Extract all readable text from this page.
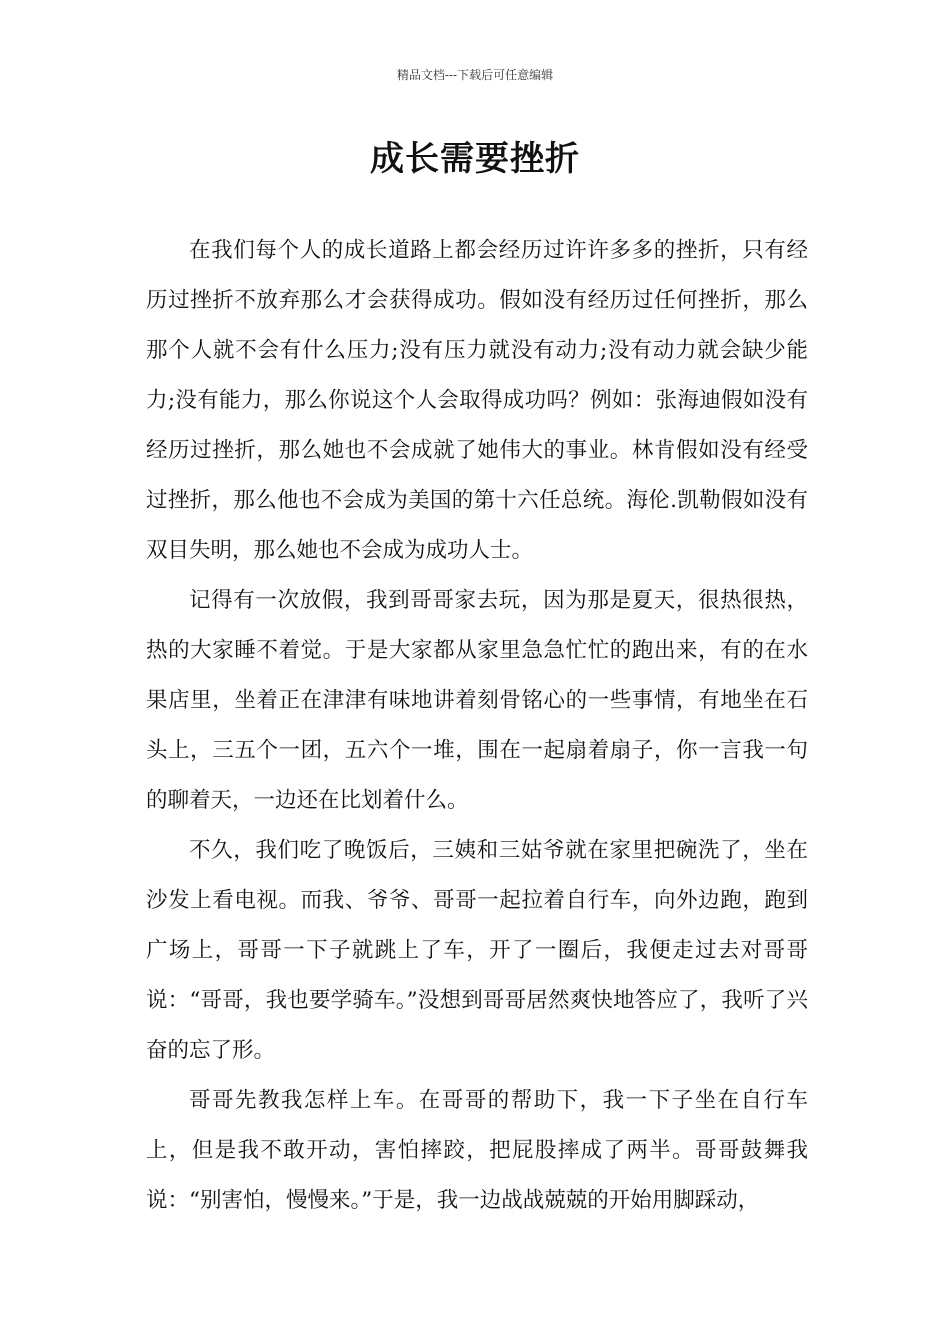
精品文档---下载后可任意编辑
成长需要挫折

在我们每个人的成长道路上都会经历过许许多多的挫折，只有经历过挫折不放弃那么才会获得成功。假如没有经历过任何挫折，那么那个人就不会有什么压力;没有压力就没有动力;没有动力就会缺少能力;没有能力，那么你说这个人会取得成功吗？例如：张海迪假如没有经历过挫折，那么她也不会成就了她伟大的事业。林肯假如没有经受过挫折，那么他也不会成为美国的第十六任总统。海伦.凯勒假如没有双目失明，那么她也不会成为成功人士。

记得有一次放假，我到哥哥家去玩，因为那是夏天，很热很热，热的大家睡不着觉。于是大家都从家里急急忙忙的跑出来，有的在水果店里，坐着正在津津有味地讲着刻骨铭心的一些事情，有地坐在石头上，三五个一团，五六个一堆，围在一起扇着扇子，你一言我一句的聊着天，一边还在比划着什么。

不久，我们吃了晚饭后，三姨和三姑爷就在家里把碗洗了，坐在沙发上看电视。而我、爷爷、哥哥一起拉着自行车，向外边跑，跑到广场上，哥哥一下子就跳上了车，开了一圈后，我便走过去对哥哥说：“哥哥，我也要学骑车。”没想到哥哥居然爽快地答应了，我听了兴奋的忘了形。

哥哥先教我怎样上车。在哥哥的帮助下，我一下子坐在自行车上，但是我不敢开动，害怕摔跤，把屁股摔成了两半。哥哥鼓舞我说：“别害怕，慢慢来。”于是，我一边战战兢兢的开始用脚踩动，
